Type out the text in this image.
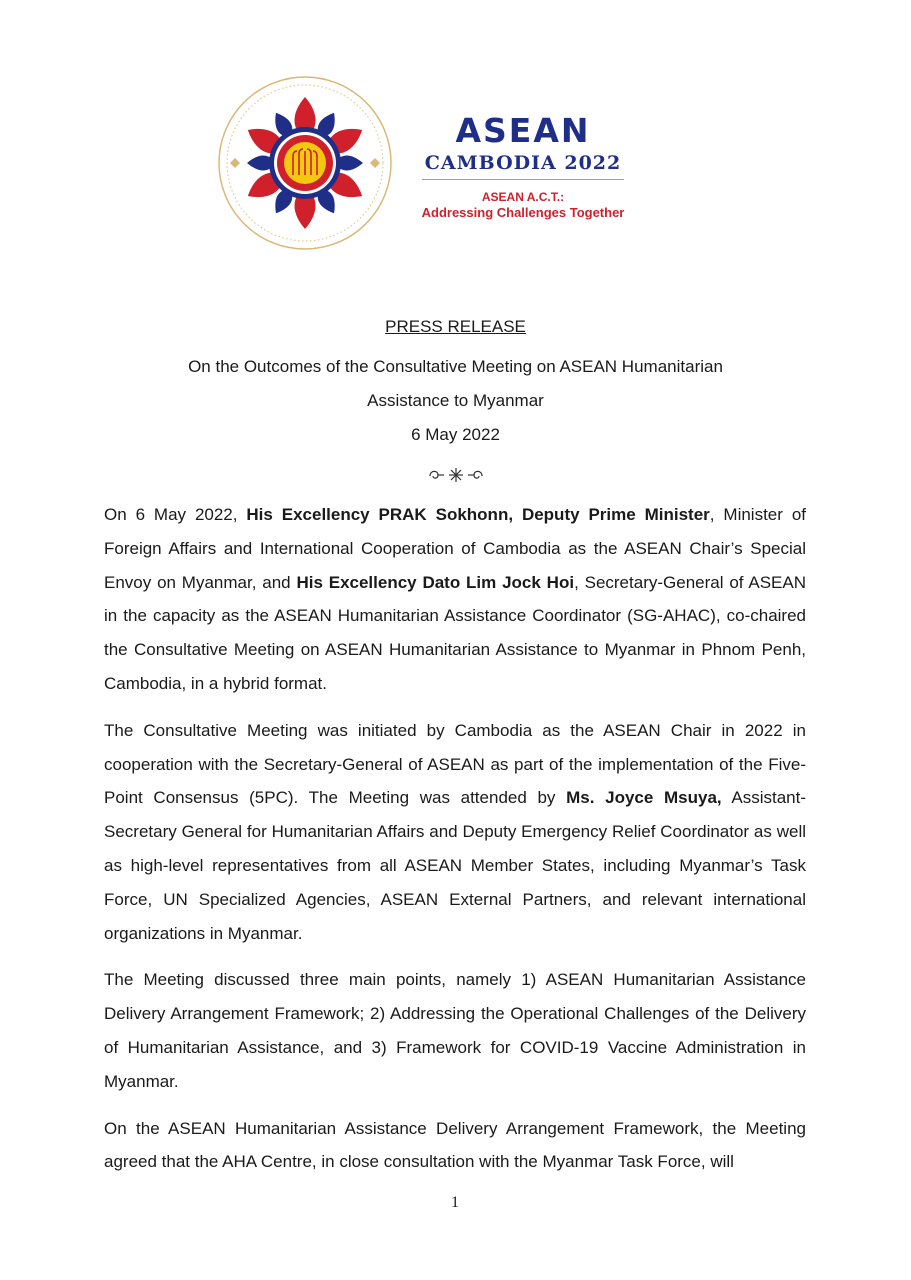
ASEAN
CAMBODIA 2022
ASEAN A.C.T.:
Addressing Challenges Together
PRESS RELEASE
On the Outcomes of the Consultative Meeting on ASEAN Humanitarian
Assistance to Myanmar
6 May 2022

On 6 May 2022, His Excellency PRAK Sokhonn, Deputy Prime Minister, Minister of Foreign Affairs and International Cooperation of Cambodia as the ASEAN Chair’s Special Envoy on Myanmar, and His Excellency Dato Lim Jock Hoi, Secretary-General of ASEAN in the capacity as the ASEAN Humanitarian Assistance Coordinator (SG-AHAC), co-chaired the Consultative Meeting on ASEAN Humanitarian Assistance to Myanmar in Phnom Penh, Cambodia, in a hybrid format.

The Consultative Meeting was initiated by Cambodia as the ASEAN Chair in 2022 in cooperation with the Secretary-General of ASEAN as part of the implementation of the Five-Point Consensus (5PC). The Meeting was attended by Ms. Joyce Msuya, Assistant-Secretary General for Humanitarian Affairs and Deputy Emergency Relief Coordinator as well as high-level representatives from all ASEAN Member States, including Myanmar’s Task Force, UN Specialized Agencies, ASEAN External Partners, and relevant international organizations in Myanmar.

The Meeting discussed three main points, namely 1) ASEAN Humanitarian Assistance Delivery Arrangement Framework; 2) Addressing the Operational Challenges of the Delivery of Humanitarian Assistance, and 3) Framework for COVID-19 Vaccine Administration in Myanmar.

On the ASEAN Humanitarian Assistance Delivery Arrangement Framework, the Meeting agreed that the AHA Centre, in close consultation with the Myanmar Task Force, will

1
